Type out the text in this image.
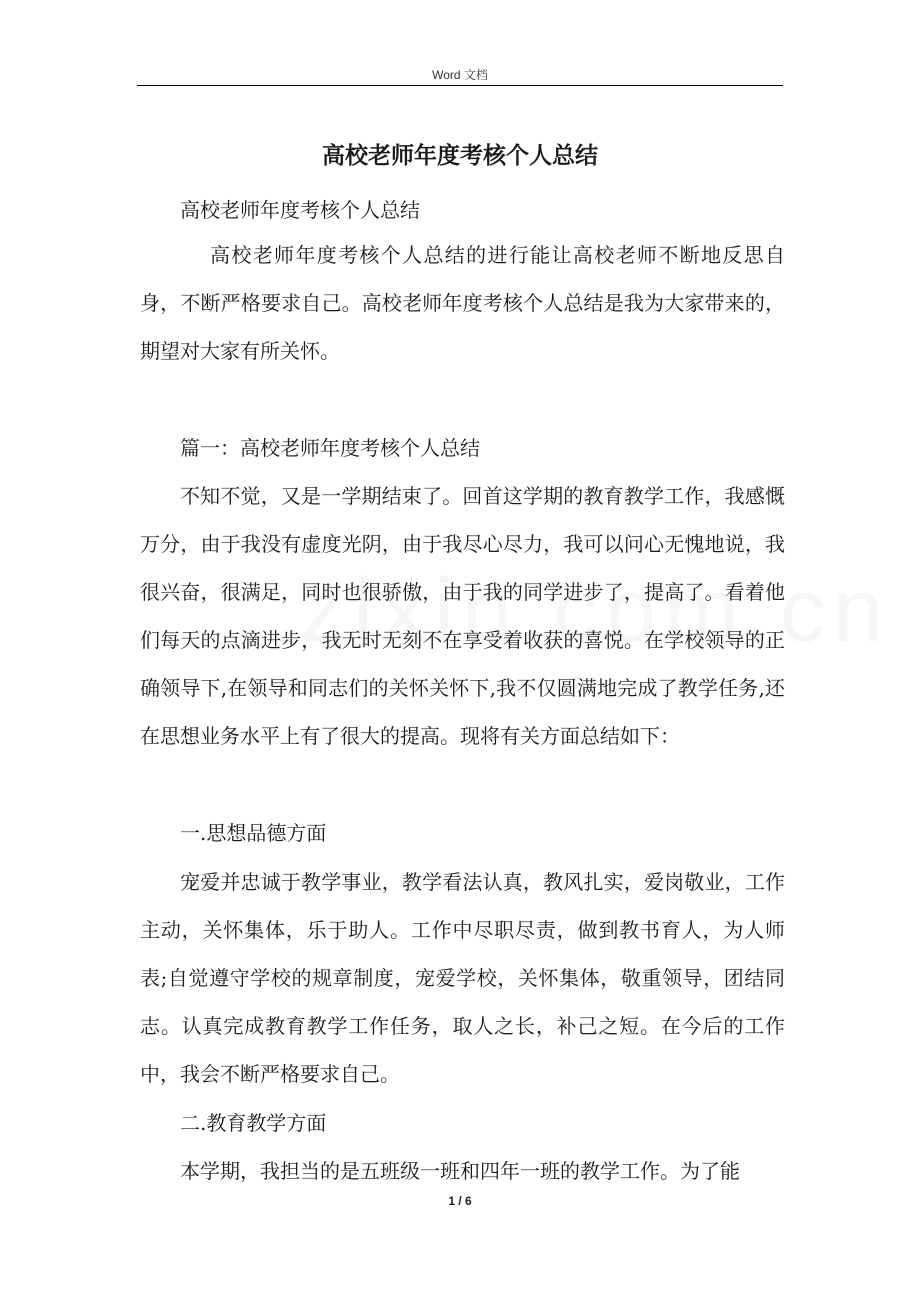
Word 文档
高校老师年度考核个人总结

高校老师年度考核个人总结

高校老师年度考核个人总结的进行能让高校老师不断地反思自身，不断严格要求自己。高校老师年度考核个人总结是我为大家带来的，期望对大家有所关怀。

篇一：高校老师年度考核个人总结

不知不觉，又是一学期结束了。回首这学期的教育教学工作，我感慨万分，由于我没有虚度光阴，由于我尽心尽力，我可以问心无愧地说，我很兴奋，很满足，同时也很骄傲，由于我的同学进步了，提高了。看着他们每天的点滴进步，我无时无刻不在享受着收获的喜悦。在学校领导的正确领导下,在领导和同志们的关怀关怀下,我不仅圆满地完成了教学任务,还在思想业务水平上有了很大的提高。现将有关方面总结如下：

一.思想品德方面

宠爱并忠诚于教学事业，教学看法认真，教风扎实，爱岗敬业，工作主动，关怀集体，乐于助人。工作中尽职尽责，做到教书育人，为人师表;自觉遵守学校的规章制度，宠爱学校，关怀集体，敬重领导，团结同志。认真完成教育教学工作任务，取人之长，补己之短。在今后的工作中，我会不断严格要求自己。

二.教育教学方面

本学期，我担当的是五班级一班和四年一班的教学工作。为了能

1 / 6
